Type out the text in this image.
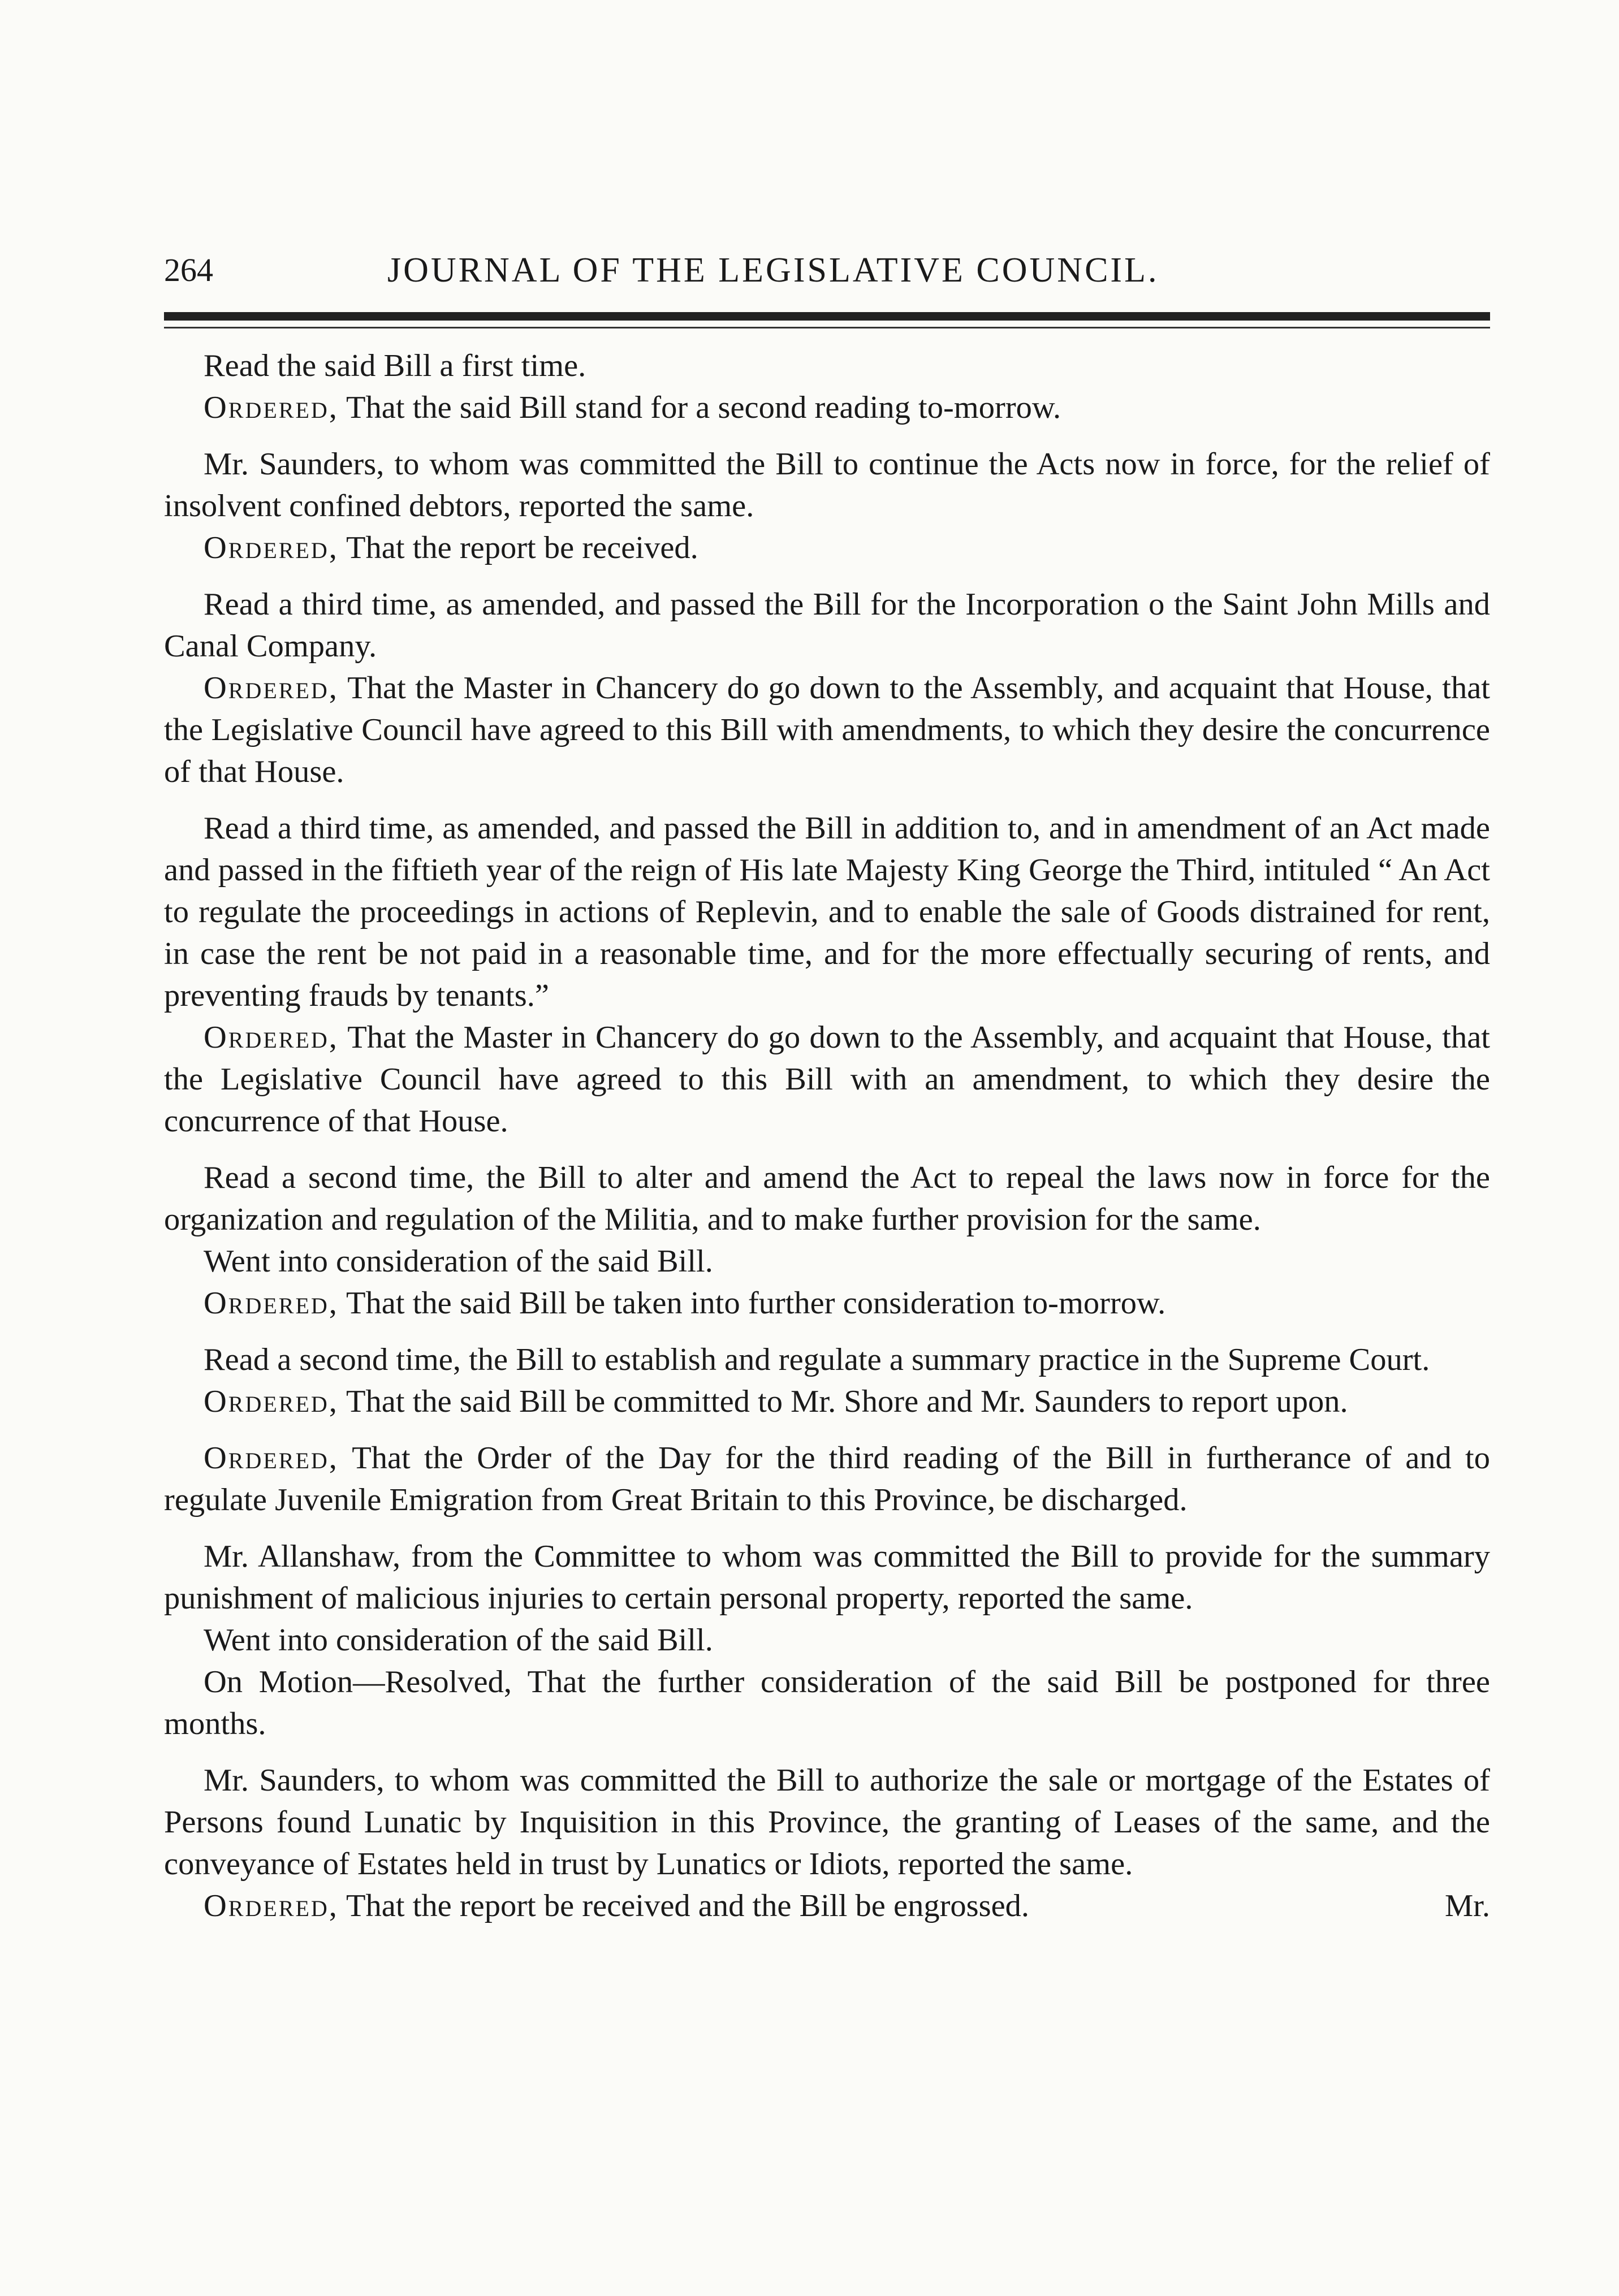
264	JOURNAL OF THE LEGISLATIVE COUNCIL.

Read the said Bill a first time.

Ordered, That the said Bill stand for a second reading to-morrow.

Mr. Saunders, to whom was committed the Bill to continue the Acts now in force, for the relief of insolvent confined debtors, reported the same.

Ordered, That the report be received.

Read a third time, as amended, and passed the Bill for the Incorporation o the Saint John Mills and Canal Company.

Ordered, That the Master in Chancery do go down to the Assembly, and acquaint that House, that the Legislative Council have agreed to this Bill with amendments, to which they desire the concurrence of that House.

Read a third time, as amended, and passed the Bill in addition to, and in amendment of an Act made and passed in the fiftieth year of the reign of His late Majesty King George the Third, intituled “ An Act to regulate the proceedings in actions of Replevin, and to enable the sale of Goods distrained for rent, in case the rent be not paid in a reasonable time, and for the more effectually securing of rents, and preventing frauds by tenants.”

Ordered, That the Master in Chancery do go down to the Assembly, and acquaint that House, that the Legislative Council have agreed to this Bill with an amendment, to which they desire the concurrence of that House.

Read a second time, the Bill to alter and amend the Act to repeal the laws now in force for the organization and regulation of the Militia, and to make further provision for the same.

Went into consideration of the said Bill.

Ordered, That the said Bill be taken into further consideration to-morrow.

Read a second time, the Bill to establish and regulate a summary practice in the Supreme Court.

Ordered, That the said Bill be committed to Mr. Shore and Mr. Saunders to report upon.

Ordered, That the Order of the Day for the third reading of the Bill in furtherance of and to regulate Juvenile Emigration from Great Britain to this Province, be discharged.

Mr. Allanshaw, from the Committee to whom was committed the Bill to provide for the summary punishment of malicious injuries to certain personal property, reported the same.

Went into consideration of the said Bill.

On Motion—Resolved, That the further consideration of the said Bill be postponed for three months.

Mr. Saunders, to whom was committed the Bill to authorize the sale or mortgage of the Estates of Persons found Lunatic by Inquisition in this Province, the granting of Leases of the same, and the conveyance of Estates held in trust by Lunatics or Idiots, reported the same.

Ordered, That the report be received and the Bill be engrossed.	Mr.
